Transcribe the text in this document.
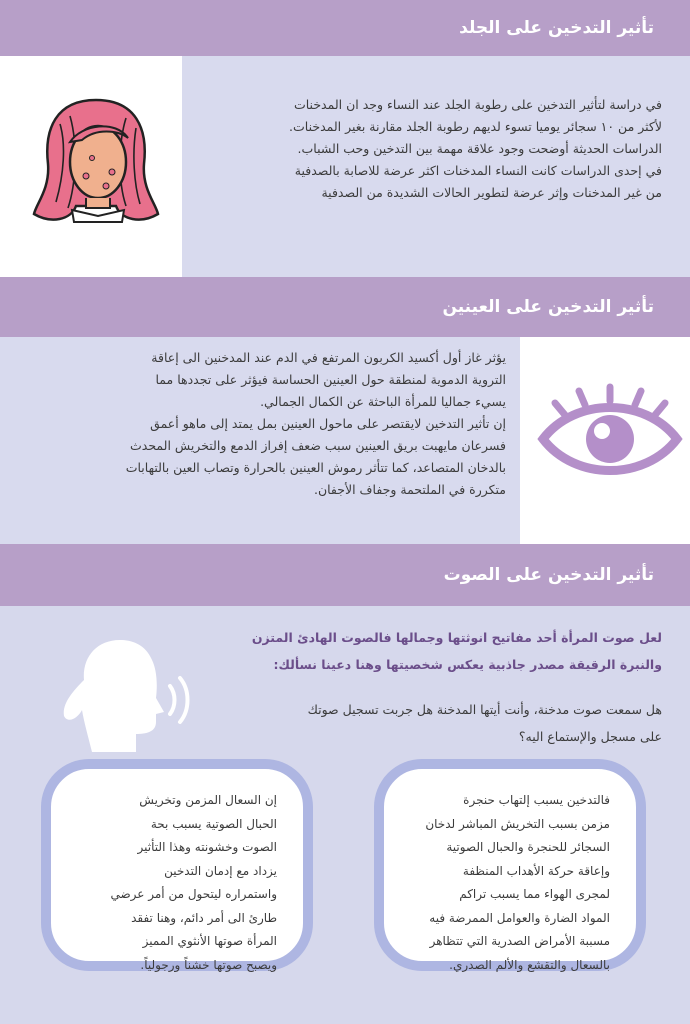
تأثير التدخين على الجلد
في دراسة لتأثير التدخين على رطوبة الجلد عند النساء وجد ان المدخنات
لأكثر من ١٠ سجائر يوميا تسوء لديهم رطوبة الجلد مقارنة بغير المدخنات.
الدراسات الحديثة أوضحت وجود علاقة مهمة بين التدخين وحب الشباب.
في إحدى الدراسات كانت النساء المدخنات اكثر عرضة للاصابة بالصدفية
من غير المدخنات وإثر عرضة لتطوير الحالات الشديدة من الصدفية
تأثير التدخين على العينين
يؤثر غاز أول أكسيد الكربون المرتفع في الدم عند المدخنين الى إعاقة
التروية الدموية لمنطقة حول العينين الحساسة فيؤثر على تجددها مما
يسيء جماليا للمرأة الباحثة عن الكمال الجمالي.
إن تأثير التدخين لايقتصر على ماحول العينين بمل يمتد إلى ماهو أعمق
فسرعان مايهبت بريق العينين سبب ضعف إفراز الدمع والتخريش المحدث
بالدخان المتصاعد، كما تتأثر رموش العينين بالحرارة وتصاب العين بالتهابات
متكررة في الملتحمة وجفاف الأجفان.
تأثير التدخين على الصوت
لعل صوت المرأة أحد مفاتيح انوثتها وجمالها فالصوت الهادئ المتزن
والنبرة الرقيقة مصدر جاذبية يعكس شخصيتها وهنا دعينا نسألك:
هل سمعت صوت مدخنة، وأنت أيتها المدخنة هل جربت تسجيل صوتك
على مسجل والإستماع اليه؟
فالتدخين يسبب إلتهاب حنجرة
مزمن بسبب التخريش المباشر لدخان
السجائر للحنجرة والحبال الصوتية
وإعاقة حركة الأهداب المنظفة
لمجرى الهواء مما يسبب تراكم
المواد الضارة والعوامل الممرضة فيه
مسببة الأمراض الصدرية التي تتظاهر
بالسعال والتقشع والألم الصدري.
إن السعال المزمن وتخريش
الحبال الصوتية يسبب بحة
الصوت وخشونته وهذا التأثير
يزداد مع إدمان التدخين
واستمراره ليتحول من أمر عرضي
طارئ الى أمر دائم، وهنا تفقد
المرأة صوتها الأنثوي المميز
ويصبح صوتها خشناً ورجولياً.
